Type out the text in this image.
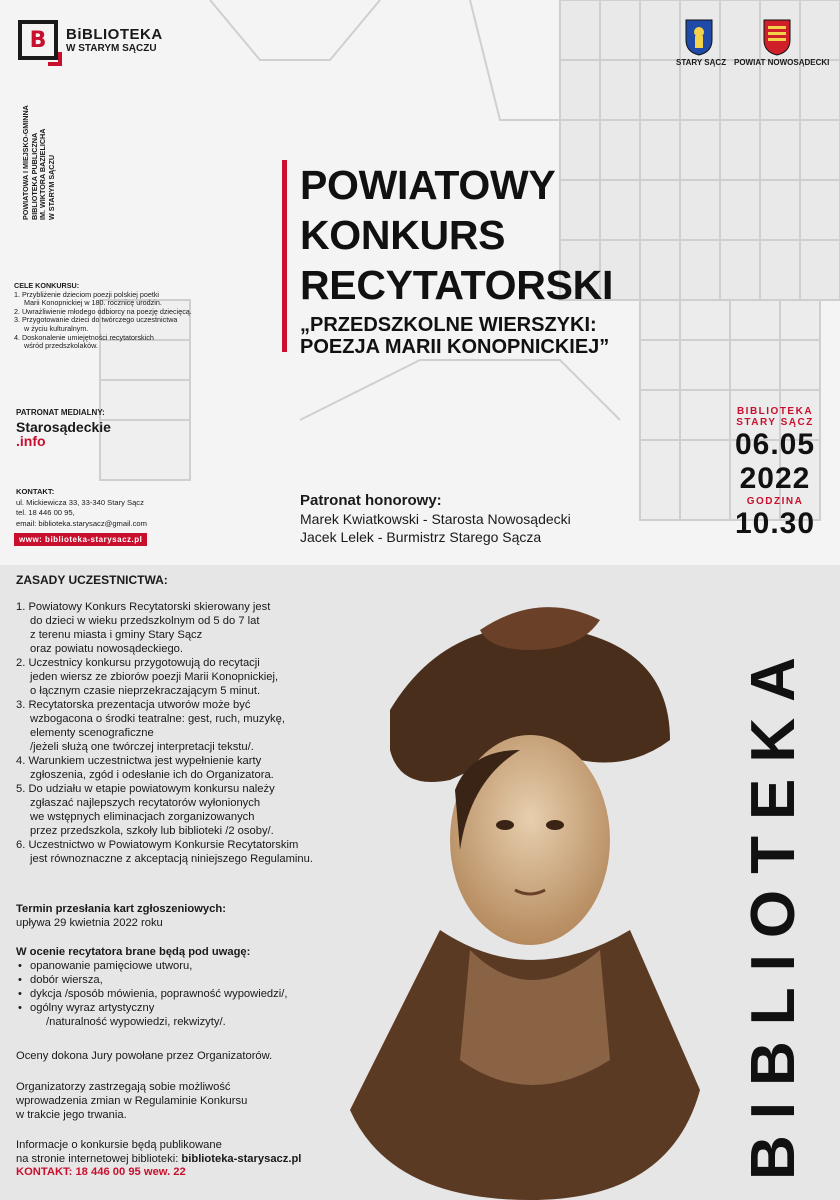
B BiBLIOTEKA
W STARYM SĄCZU
POWIATOWA I MIEJSKO-GMINNA BIBLIOTEKA PUBLICZNA IM. WIKTORA BAZIELICHA W STARYM SĄCZU
STARY SĄCZ POWIAT NOWOSĄDECKI
POWIATOWY
KONKURS
RECYTATORSKI
„PRZEDSZKOLNE WIERSZYKI:
POEZJA MARII KONOPNICKIEJ”
CELE KONKURSU:
1. Przybliżenie dzieciom poezji polskiej poetki
Marii Konopnickiej w 180. rocznicę urodzin.
2. Uwrażliwienie młodego odbiorcy na poezję dziecięcą.
3. Przygotowanie dzieci do twórczego uczestnictwa
w życiu kulturalnym.
4. Doskonalenie umiejętności recytatorskich
wśród przedszkolaków.
PATRONAT MEDIALNY:
Starosądeckie
.info
KONTAKT:
ul. Mickiewicza 33, 33-340 Stary Sącz
tel. 18 446 00 95,
email: biblioteka.starysacz@gmail.com
www: biblioteka-starysacz.pl
Patronat honorowy:
Marek Kwiatkowski - Starosta Nowosądecki
Jacek Lelek - Burmistrz Starego Sącza
BIBLIOTEKA
STARY SĄCZ
06.05
2022
GODZINA
10.30
ZASADY UCZESTNICTWA:
1. Powiatowy Konkurs Recytatorski skierowany jest
do dzieci w wieku przedszkolnym od 5 do 7 lat
z terenu miasta i gminy Stary Sącz
oraz powiatu nowosądeckiego.
2. Uczestnicy konkursu przygotowują do recytacji
jeden wiersz ze zbiorów poezji Marii Konopnickiej,
o łącznym czasie nieprzekraczającym 5 minut.
3. Recytatorska prezentacja utworów może być
wzbogacona o środki teatralne: gest, ruch, muzykę,
elementy scenograficzne
/jeżeli służą one twórczej interpretacji tekstu/.
4. Warunkiem uczestnictwa jest wypełnienie karty
zgłoszenia, zgód i odesłanie ich do Organizatora.
5. Do udziału w etapie powiatowym konkursu należy
zgłaszać najlepszych recytatorów wyłonionych
we wstępnych eliminacjach zorganizowanych
przez przedszkola, szkoły lub biblioteki /2 osoby/.
6. Uczestnictwo w Powiatowym Konkursie Recytatorskim
jest równoznaczne z akceptacją niniejszego Regulaminu.
Termin przesłania kart zgłoszeniowych:
upływa 29 kwietnia 2022 roku
W ocenie recytatora brane będą pod uwagę:
• opanowanie pamięciowe utworu,
• dobór wiersza,
• dykcja /sposób mówienia, poprawność wypowiedzi/,
• ogólny wyraz artystyczny
/naturalność wypowiedzi, rekwizyty/.
Oceny dokona Jury powołane przez Organizatorów.
Organizatorzy zastrzegają sobie możliwość
wprowadzenia zmian w Regulaminie Konkursu
w trakcie jego trwania.
Informacje o konkursie będą publikowane
na stronie internetowej biblioteki: biblioteka-starysacz.pl
KONTAKT: 18 446 00 95 wew. 22	BIBLIOTEKA
